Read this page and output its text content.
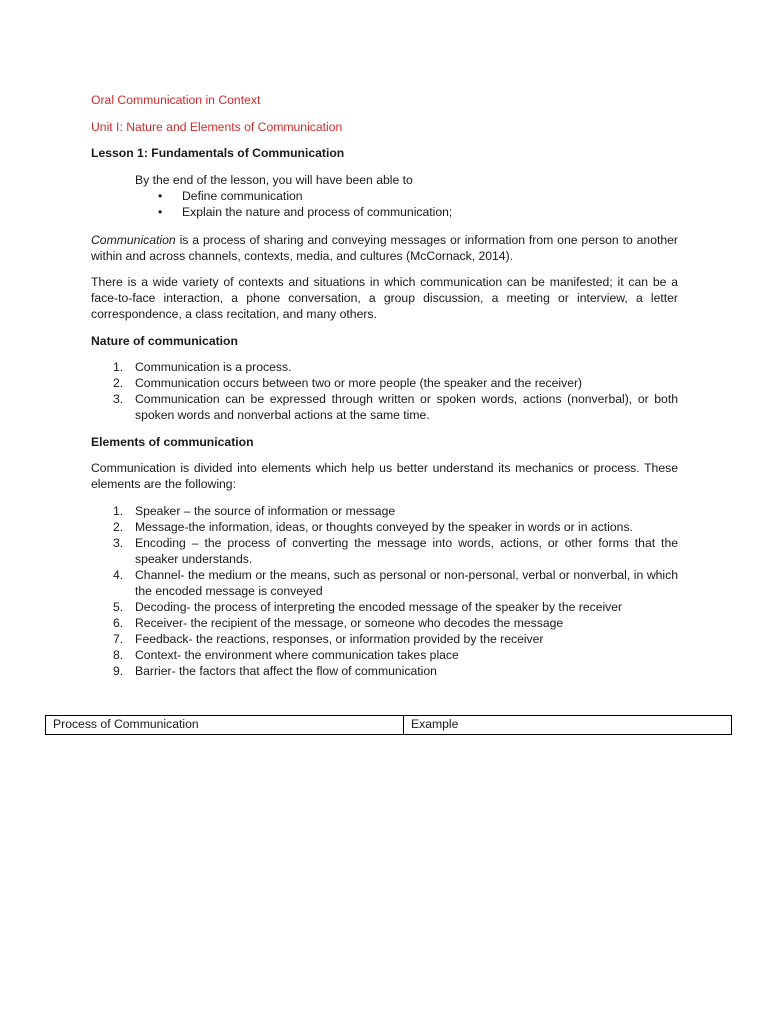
Oral Communication in Context
Unit I: Nature and Elements of Communication
Lesson 1: Fundamentals of Communication
By the end of the lesson, you will have been able to
• Define communication
• Explain the nature and process of communication;
Communication is a process of sharing and conveying messages or information from one person to another within and across channels, contexts, media, and cultures (McCornack, 2014).
There is a wide variety of contexts and situations in which communication can be manifested; it can be a face-to-face interaction, a phone conversation, a group discussion, a meeting or interview, a letter correspondence, a class recitation, and many others.
Nature of communication
1. Communication is a process.
2. Communication occurs between two or more people (the speaker and the receiver)
3. Communication can be expressed through written or spoken words, actions (nonverbal), or both spoken words and nonverbal actions at the same time.
Elements of communication
Communication is divided into elements which help us better understand its mechanics or process. These elements are the following:
1. Speaker – the source of information or message
2. Message-the information, ideas, or thoughts conveyed by the speaker in words or in actions.
3. Encoding – the process of converting the message into words, actions, or other forms that the speaker understands.
4. Channel- the medium or the means, such as personal or non-personal, verbal or nonverbal, in which the encoded message is conveyed
5. Decoding- the process of interpreting the encoded message of the speaker by the receiver
6. Receiver- the recipient of the message, or someone who decodes the message
7. Feedback- the reactions, responses, or information provided by the receiver
8. Context- the environment where communication takes place
9. Barrier- the factors that affect the flow of communication
Process of Communication	Example
